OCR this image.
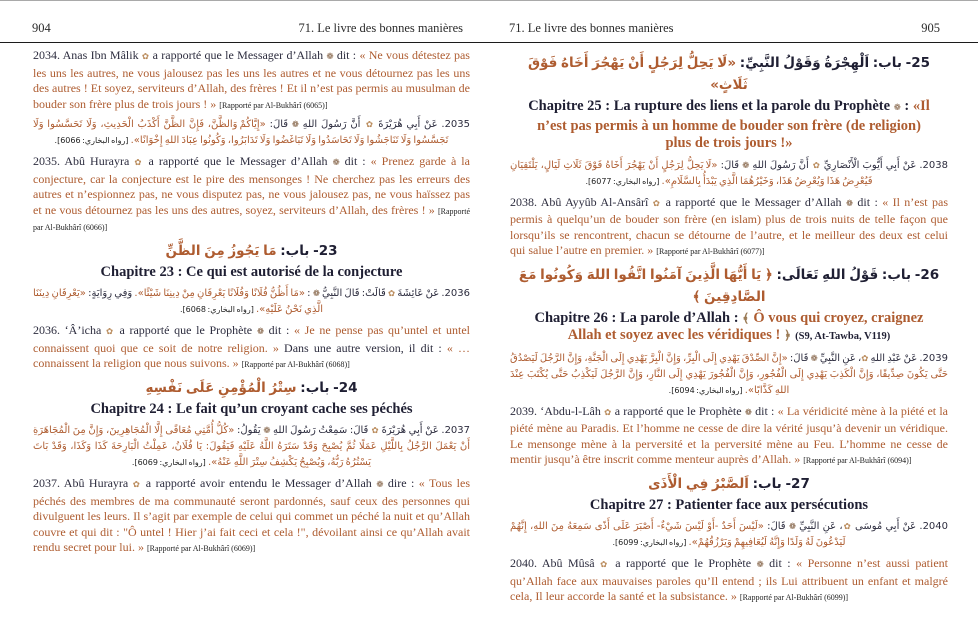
904	71. Le livre des bonnes manières
2034. Anas Ibn Mâlik ✿ a rapporté que le Messager d’Allah ❁ dit : « Ne vous détestez pas les uns les autres, ne vous jalousez pas les uns les autres et ne vous détournez pas les uns des autres ! Et soyez, serviteurs d’Allah, des frères ! Et il n’est pas permis au musulman de bouder son frère plus de trois jours ! » [Rapporté par Al-Bukhârî (6065)]
2035. عَنْ أَبِي هُرَيْرَةَ ✿ أَنَّ رَسُولَ اللهِ ❁ قَالَ: «إِيَّاكُمْ وَالظَّنَّ، فَإِنَّ الظَّنَّ أَكْذَبُ الْحَدِيثِ، وَلَا تَحَسَّسُوا وَلَا تَجَسَّسُوا وَلَا تَنَاجَشُوا وَلَا تَحَاسَدُوا وَلَا تَبَاغَضُوا وَلَا تَدَابَرُوا، وَكُونُوا عِبَادَ اللهِ إِخْوَانًا». [رواه البخاري: 6066].
2035. Abû Hurayra ✿ a rapporté que le Messager d’Allah ❁ dit : « Prenez garde à la conjecture, car la conjecture est le pire des mensonges ! Ne cherchez pas les erreurs des autres et n’espionnez pas, ne vous disputez pas, ne vous jalousez pas, ne vous haïssez pas et ne vous détournez pas les uns des autres, soyez, serviteurs d’Allah, des frères ! » [Rapporté par Al-Bukhârî (6066)]
23- باب: مَا يَجُوزُ مِنَ الظَّنِّ
Chapitre 23 : Ce qui est autorisé de la conjecture
2036. عَنْ عَائِشَةَ ✿ قَالَتْ: قَالَ النَّبِيُّ ❁ : «مَا أَظُنُّ فُلَانًا وَفُلَانًا يَعْرِفَانِ مِنْ دِينِنَا شَيْئًا». وَفِي رِوَايَةٍ: «يَعْرِفَانِ دِينَنَا الَّذِي نَحْنُ عَلَيْهِ». [رواه البخاري: 6068].
2036. ‘Â’icha ✿ a rapporté que le Prophète ❁ dit : « Je ne pense pas qu’untel et untel connaissent quoi que ce soit de notre religion. » Dans une autre version, il dit : « …connaissent la religion que nous suivons. » [Rapporté par Al-Bukhârî (6068)]
24- باب: سِتْرُ الْمُؤْمِنِ عَلَى نَفْسِهِ
Chapitre 24 : Le fait qu’un croyant cache ses péchés
2037. عَنْ أَبِي هُرَيْرَةَ ✿ قَالَ: سَمِعْتُ رَسُولَ اللهِ ❁ يَقُولُ: «كُلُّ أُمَّتِي مُعَافًى إِلَّا الْمُجَاهِرِينَ، وَإِنَّ مِنَ الْمُجَاهَرَةِ أَنْ يَعْمَلَ الرَّجُلُ بِاللَّيْلِ عَمَلًا ثُمَّ يُصْبِحَ وَقَدْ سَتَرَهُ اللَّهُ عَلَيْهِ فَيَقُولَ: يَا فُلَانُ، عَمِلْتُ الْبَارِحَةَ كَذَا وَكَذَا، وَقَدْ بَاتَ يَسْتُرُهُ رَبُّهُ، وَيُصْبِحُ يَكْشِفُ سِتْرَ اللَّهِ عَنْهُ». [رواه البخاري: 6069].
2037. Abû Hurayra ✿ a rapporté avoir entendu le Messager d’Allah ❁ dire : « Tous les péchés des membres de ma communauté seront pardonnés, sauf ceux des personnes qui divulguent les leurs. Il s’agit par exemple de celui qui commet un péché la nuit et qu’Allah couvre et qui dit : "Ô untel ! Hier j’ai fait ceci et cela !", dévoilant ainsi ce qu’Allah avait rendu secret pour lui. » [Rapporté par Al-Bukhârî (6069)]
71. Le livre des bonnes manières	905
25- باب: اَلْهِجْرَةُ وَقَوْلُ النَّبِيِّ: «لَا يَحِلُّ لِرَجُلٍ أَنْ يَهْجُرَ أَخَاهُ فَوْقَ ثَلَاثٍ»
Chapitre 25 : La rupture des liens et la parole du Prophète ❁ : «Il n’est pas permis à un homme de bouder son frère (de religion) plus de trois jours !»
2038. عَنْ أَبِي أَيُّوبَ الْأَنْصَارِيِّ ✿ أَنَّ رَسُولَ اللهِ ❁ قَالَ: «لَا يَحِلُّ لِرَجُلٍ أَنْ يَهْجُرَ أَخَاهُ فَوْقَ ثَلَاثِ لَيَالٍ، يَلْتَقِيَانِ فَيُعْرِضُ هَذَا وَيُعْرِضُ هَذَا، وَخَيْرُهُمَا الَّذِي يَبْدَأُ بِالسَّلَامِ». [رواه البخاري: 6077].
2038. Abû Ayyûb Al-Ansârî ✿ a rapporté que le Messager d’Allah ❁ dit : « Il n’est pas permis à quelqu’un de bouder son frère (en islam) plus de trois nuits de telle façon que lorsqu’ils se rencontrent, chacun se détourne de l’autre, et le meilleur des deux est celui qui salue l’autre en premier. » [Rapporté par Al-Bukhârî (6077)]
26- باب: قَوْلُ اللهِ تَعَالَى: ﴿ يَا أَيُّهَا الَّذِينَ آمَنُوا اتَّقُوا اللهَ وَكُونُوا مَعَ الصَّادِقِينَ ﴾
Chapitre 26 : La parole d’Allah : ﴾ Ô vous qui croyez, craignez Allah et soyez avec les véridiques ! ﴿ (S9, At-Tawba, V119)
2039. عَنْ عَبْدِ اللهِ ✿، عَنِ النَّبِيِّ ❁ قَالَ: «إِنَّ الصِّدْقَ يَهْدِي إِلَى الْبِرِّ، وَإِنَّ الْبِرَّ يَهْدِي إِلَى الْجَنَّةِ، وَإِنَّ الرَّجُلَ لَيَصْدُقُ حَتَّى يَكُونَ صِدِّيقًا، وَإِنَّ الْكَذِبَ يَهْدِي إِلَى الْفُجُورِ، وَإِنَّ الْفُجُورَ يَهْدِي إِلَى النَّارِ، وَإِنَّ الرَّجُلَ لَيَكْذِبُ حَتَّى يُكْتَبَ عِنْدَ اللهِ كَذَّابًا». [رواه البخاري: 6094].
2039. ‘Abdu-l-Lâh ✿ a rapporté que le Prophète ❁ dit : « La véridicité mène à la piété et la piété mène au Paradis. Et l’homme ne cesse de dire la vérité jusqu’à devenir un véridique. Le mensonge mène à la perversité et la perversité mène au Feu. L’homme ne cesse de mentir jusqu’à être inscrit comme menteur auprès d’Allah. » [Rapporté par Al-Bukhârî (6094)]
27- باب: اَلصَّبْرُ فِي الْأَذَى
Chapitre 27 : Patienter face aux persécutions
2040. عَنْ أَبِي مُوسَى ✿، عَنِ النَّبِيِّ ❁ قَالَ: «لَيْسَ أَحَدٌ -أَوْ لَيْسَ شَيْءٌ- أَصْبَرَ عَلَى أَذًى سَمِعَهُ مِنَ اللهِ، إِنَّهُمْ لَيَدْعُونَ لَهُ وَلَدًا وَإِنَّهُ لَيُعَافِيهِمْ وَيَرْزُقُهُمْ». [رواه البخاري: 6099].
2040. Abû Mûsâ ✿ a rapporté que le Prophète ❁ dit : « Personne n’est aussi patient qu’Allah face aux mauvaises paroles qu’Il entend ; ils Lui attribuent un enfant et malgré cela, Il leur accorde la santé et la subsistance. » [Rapporté par Al-Bukhârî (6099)]
